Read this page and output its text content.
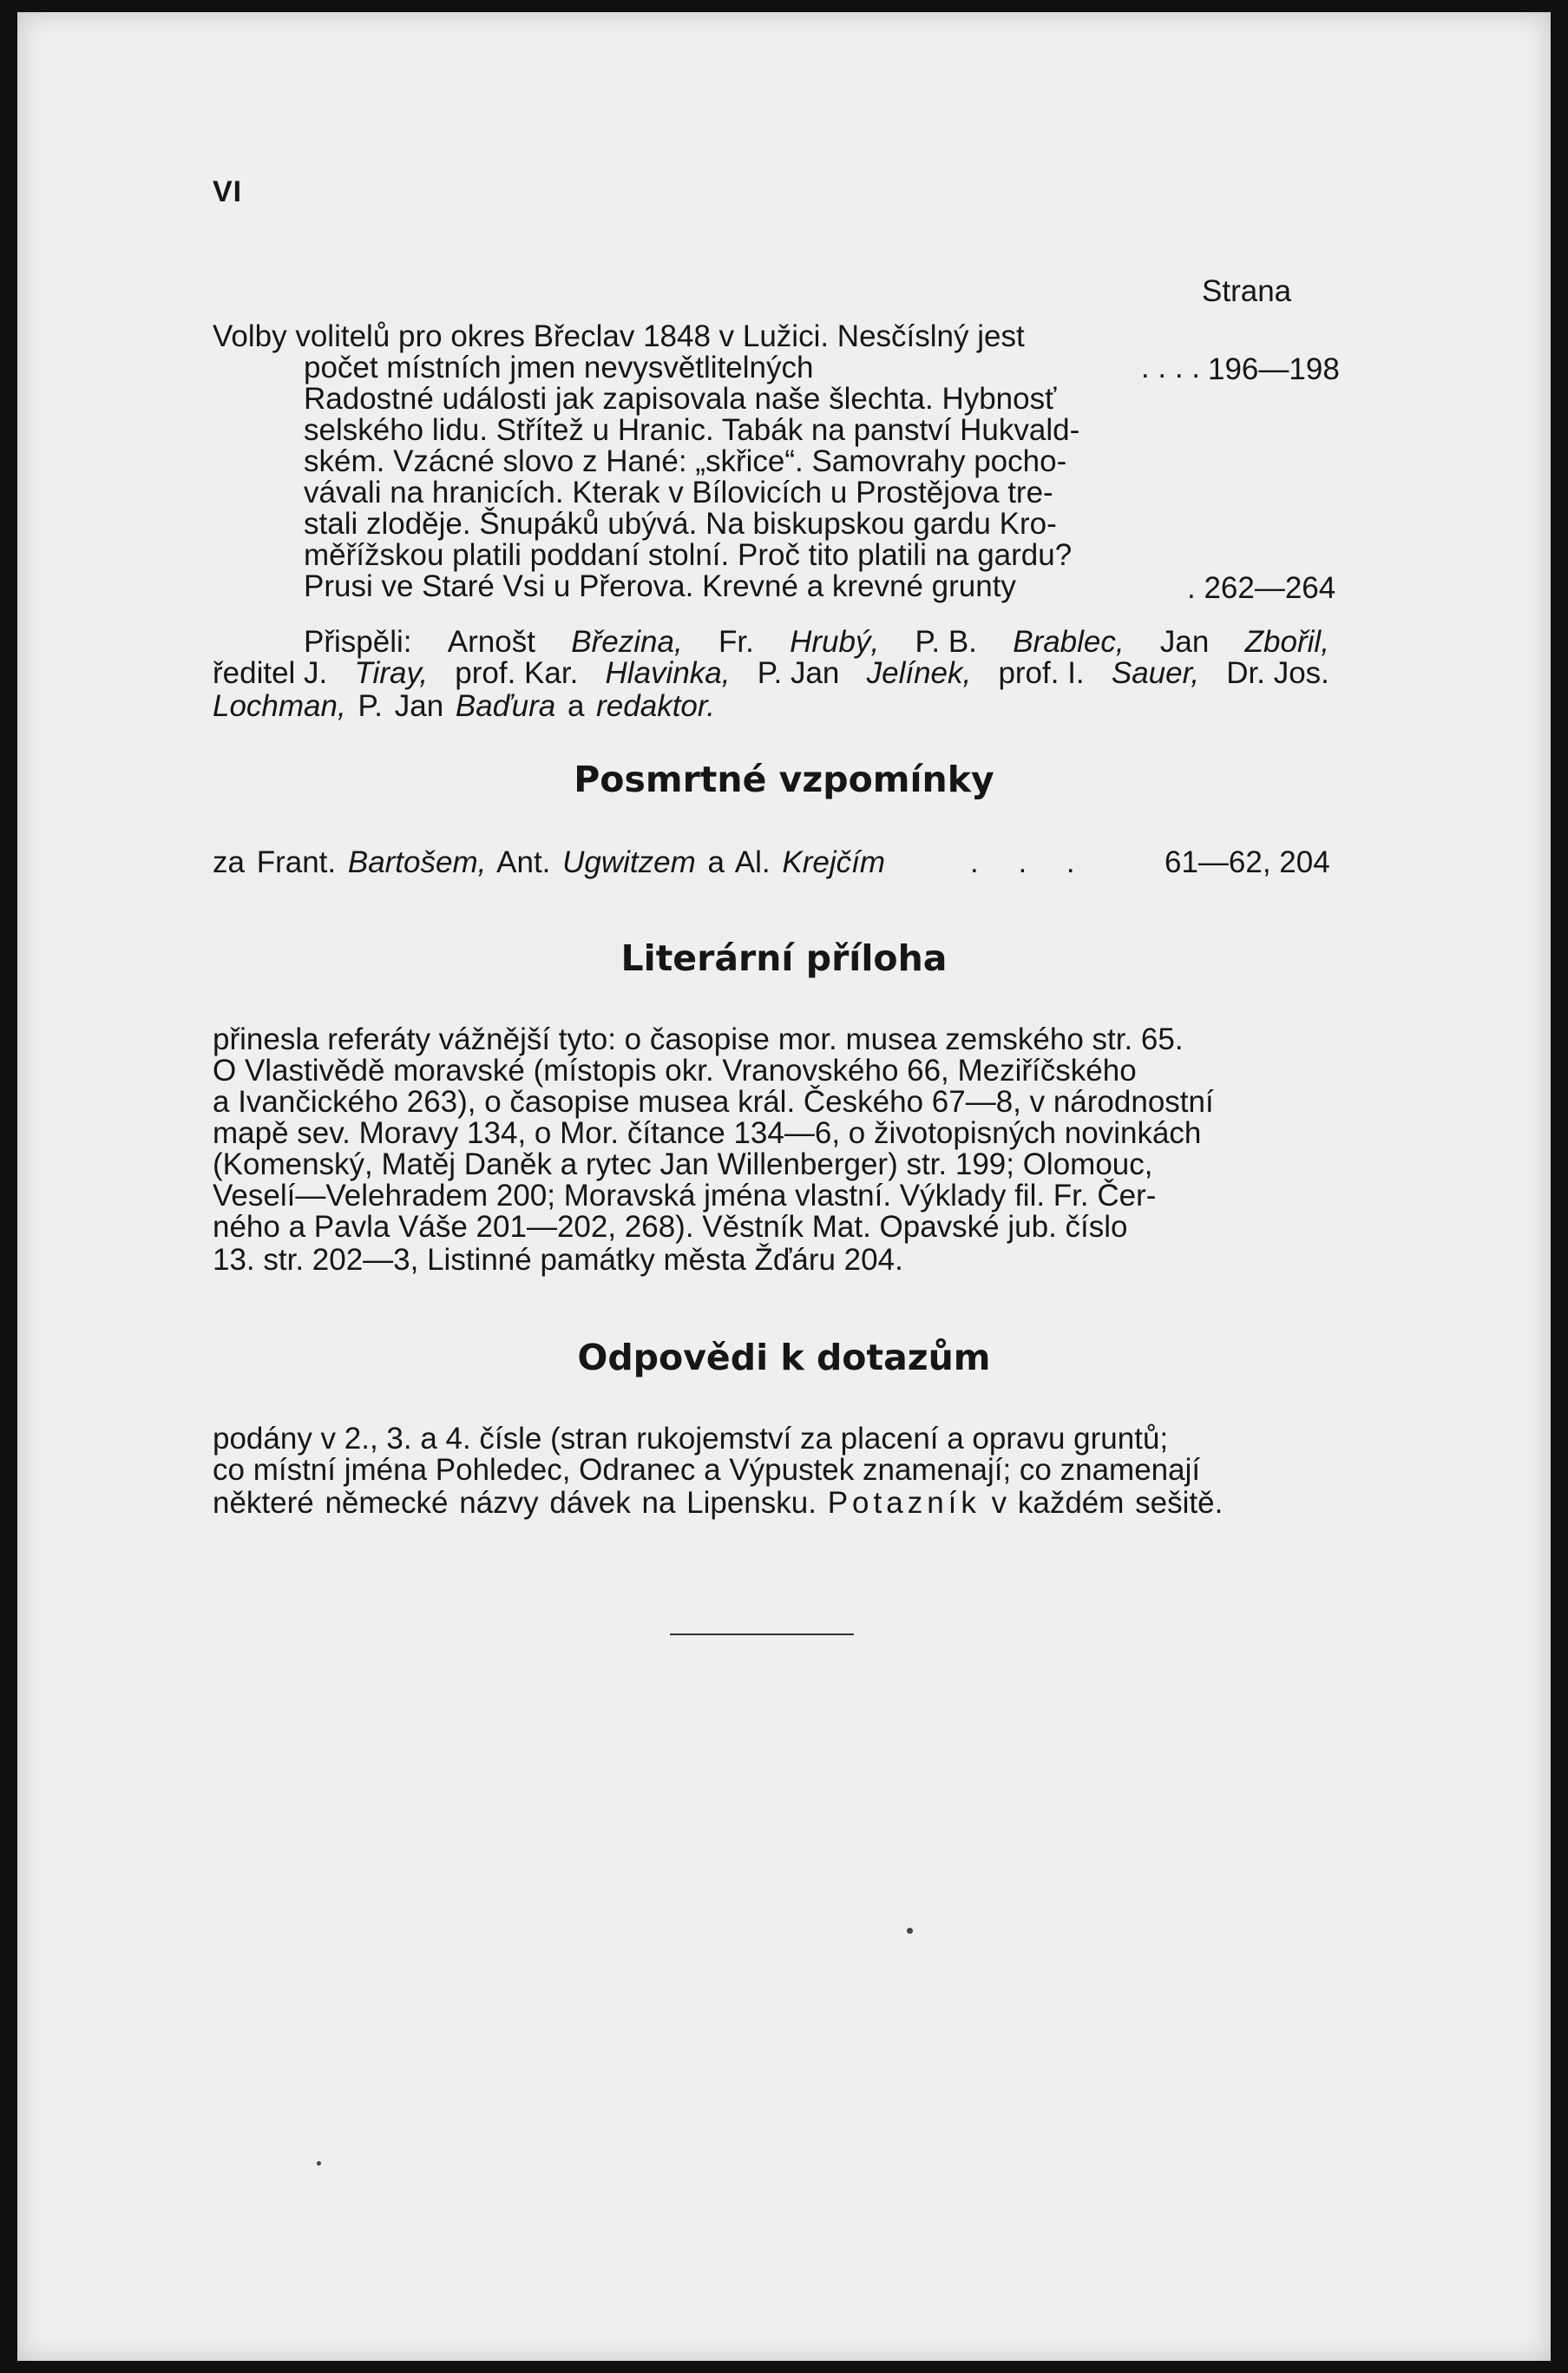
VI
Strana
Volby volitelů pro okres Břeclav 1848 v Lužici. Nesčíslný jest
počet místních jmen nevysvětlitelných	. . . . 196—198
Radostné události jak zapisovala naše šlechta. Hybnosť
selského lidu. Střítež u Hranic. Tabák na panství Hukvald-
ském. Vzácné slovo z Hané: „skřice“. Samovrahy pocho-
vávali na hranicích. Kterak v Bílovicích u Prostějova tre-
stali zloděje. Šnupáků ubývá. Na biskupskou gardu Kro-
měřížskou platili poddaní stolní. Proč tito platili na gardu?
Prusi ve Staré Vsi u Přerova. Krevné a krevné grunty	. 262—264
Přispěli: Arnošt Březina, Fr. Hrubý, P. B. Brablec, Jan Zbořil,
ředitel J. Tiray, prof. Kar. Hlavinka, P. Jan Jelínek, prof. I. Sauer, Dr. Jos.
Lochman, P. Jan Baďura a redaktor.
Posmrtné vzpomínky
za Frant. Bartošem, Ant. Ugwitzem a Al. Krejčím	. . . 61—62, 204
Literární příloha
přinesla referáty vážnější tyto: o časopise mor. musea zemského str. 65.
O Vlastivědě moravské (místopis okr. Vranovského 66, Meziříčského
a Ivančického 263), o časopise musea král. Českého 67—8, v národnostní
mapě sev. Moravy 134, o Mor. čítance 134—6, o životopisných novinkách
(Komenský, Matěj Daněk a rytec Jan Willenberger) str. 199; Olomouc,
Veselí—Velehradem 200; Moravská jména vlastní. Výklady fil. Fr. Čer-
ného a Pavla Váše 201—202, 268). Věstník Mat. Opavské jub. číslo
13. str. 202—3, Listinné památky města Žďáru 204.
Odpovědi k dotazům
podány v 2., 3. a 4. čísle (stran rukojemství za placení a opravu gruntů;
co místní jména Pohledec, Odranec a Výpustek znamenají; co znamenají
některé německé názvy dávek na Lipensku. Potazník v každém sešitě.
